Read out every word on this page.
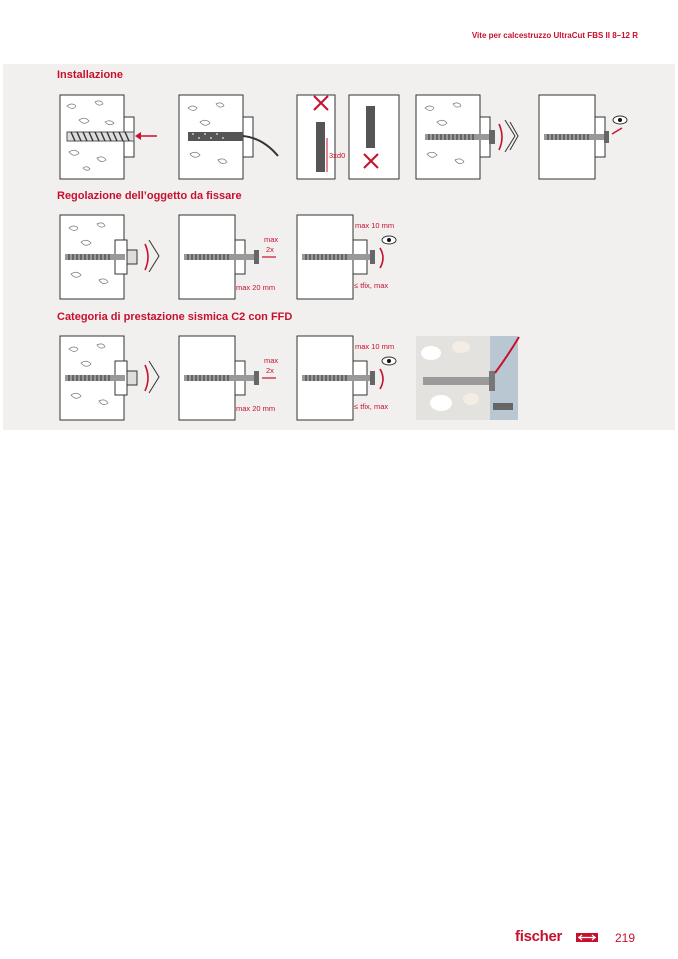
Vite per calcestruzzo UltraCut FBS II 8–12 R
Installazione
Regolazione dell’oggetto da fissare
Categoria di prestazione sismica C2 con FFD
3xd0
max
2x
max 20 mm
max 10 mm
≤ tfix, max
max
2x
max 20 mm
max 10 mm
≤ tfix, max
fischer	219
